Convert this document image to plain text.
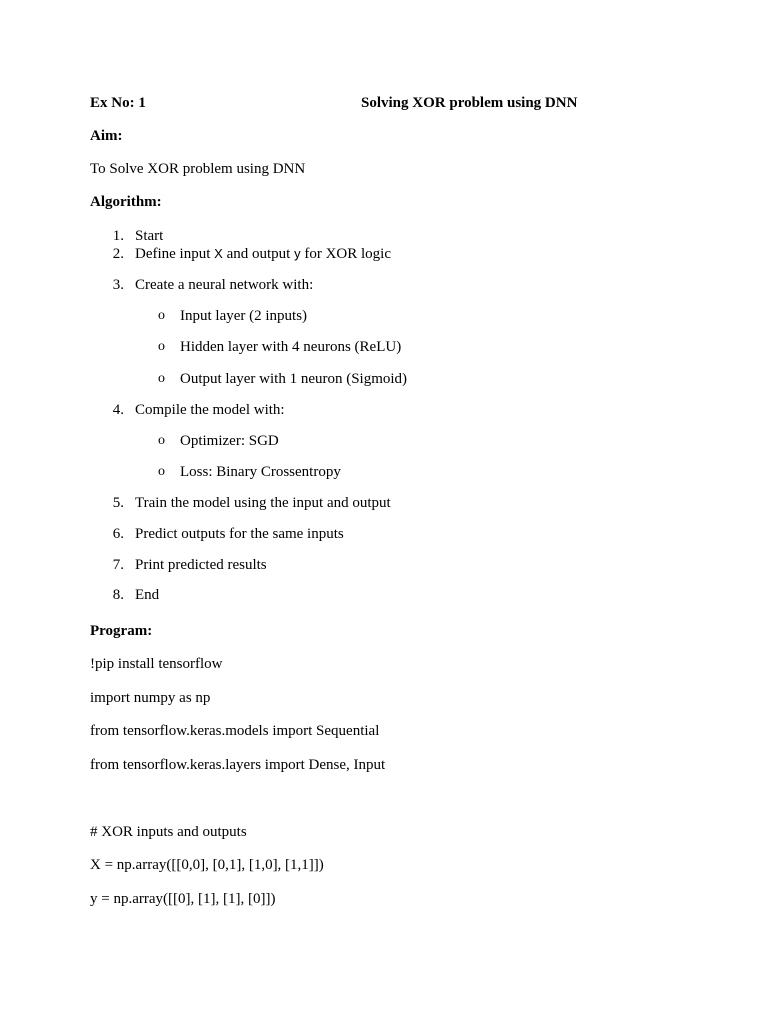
Ex No: 1	Solving XOR problem using DNN
Aim:
To Solve XOR problem using DNN
Algorithm:
1. Start
2. Define input X and output y for XOR logic
3. Create a neural network with:
o Input layer (2 inputs)
o Hidden layer with 4 neurons (ReLU)
o Output layer with 1 neuron (Sigmoid)
4. Compile the model with:
o Optimizer: SGD
o Loss: Binary Crossentropy
5. Train the model using the input and output
6. Predict outputs for the same inputs
7. Print predicted results
8. End
Program:
!pip install tensorflow
import numpy as np
from tensorflow.keras.models import Sequential
from tensorflow.keras.layers import Dense, Input
# XOR inputs and outputs
X = np.array([[0,0], [0,1], [1,0], [1,1]])
y = np.array([[0], [1], [1], [0]])
